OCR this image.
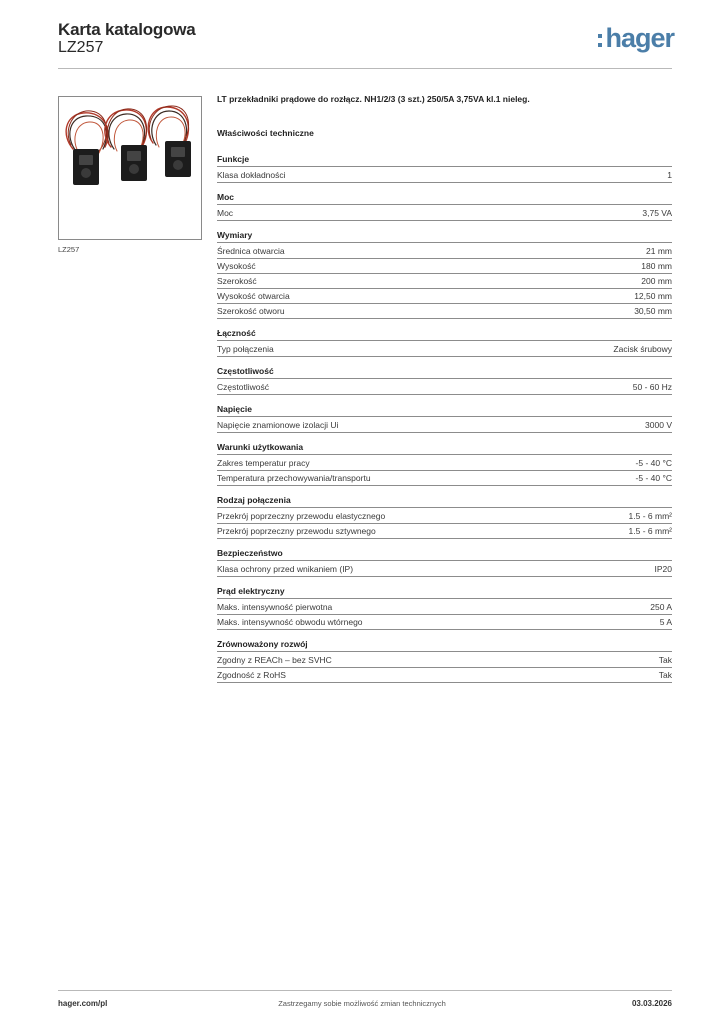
Karta katalogowa
LZ257	hager
LZ257

LT przekładniki prądowe do rozłącz. NH1/2/3 (3 szt.) 250/5A 3,75VA kl.1 nieleg.

Właściwości techniczne

Funkcje
Klasa dokładności	1
Moc
Moc	3,75 VA
Wymiary
Średnica otwarcia	21 mm
Wysokość	180 mm
Szerokość	200 mm
Wysokość otwarcia	12,50 mm
Szerokość otworu	30,50 mm
Łączność
Typ połączenia	Zacisk śrubowy
Częstotliwość
Częstotliwość	50 - 60 Hz
Napięcie
Napięcie znamionowe izolacji Ui	3000 V
Warunki użytkowania
Zakres temperatur pracy	-5 - 40 °C
Temperatura przechowywania/transportu	-5 - 40 °C
Rodzaj połączenia
Przekrój poprzeczny przewodu elastycznego	1.5 - 6 mm²
Przekrój poprzeczny przewodu sztywnego	1.5 - 6 mm²
Bezpieczeństwo
Klasa ochrony przed wnikaniem (IP)	IP20
Prąd elektryczny
Maks. intensywność pierwotna	250 A
Maks. intensywność obwodu wtórnego	5 A
Zrównoważony rozwój
Zgodny z REACh – bez SVHC	Tak
Zgodność z RoHS	Tak
hager.com/pl	Zastrzegamy sobie możliwość zmian technicznych	03.03.2026
